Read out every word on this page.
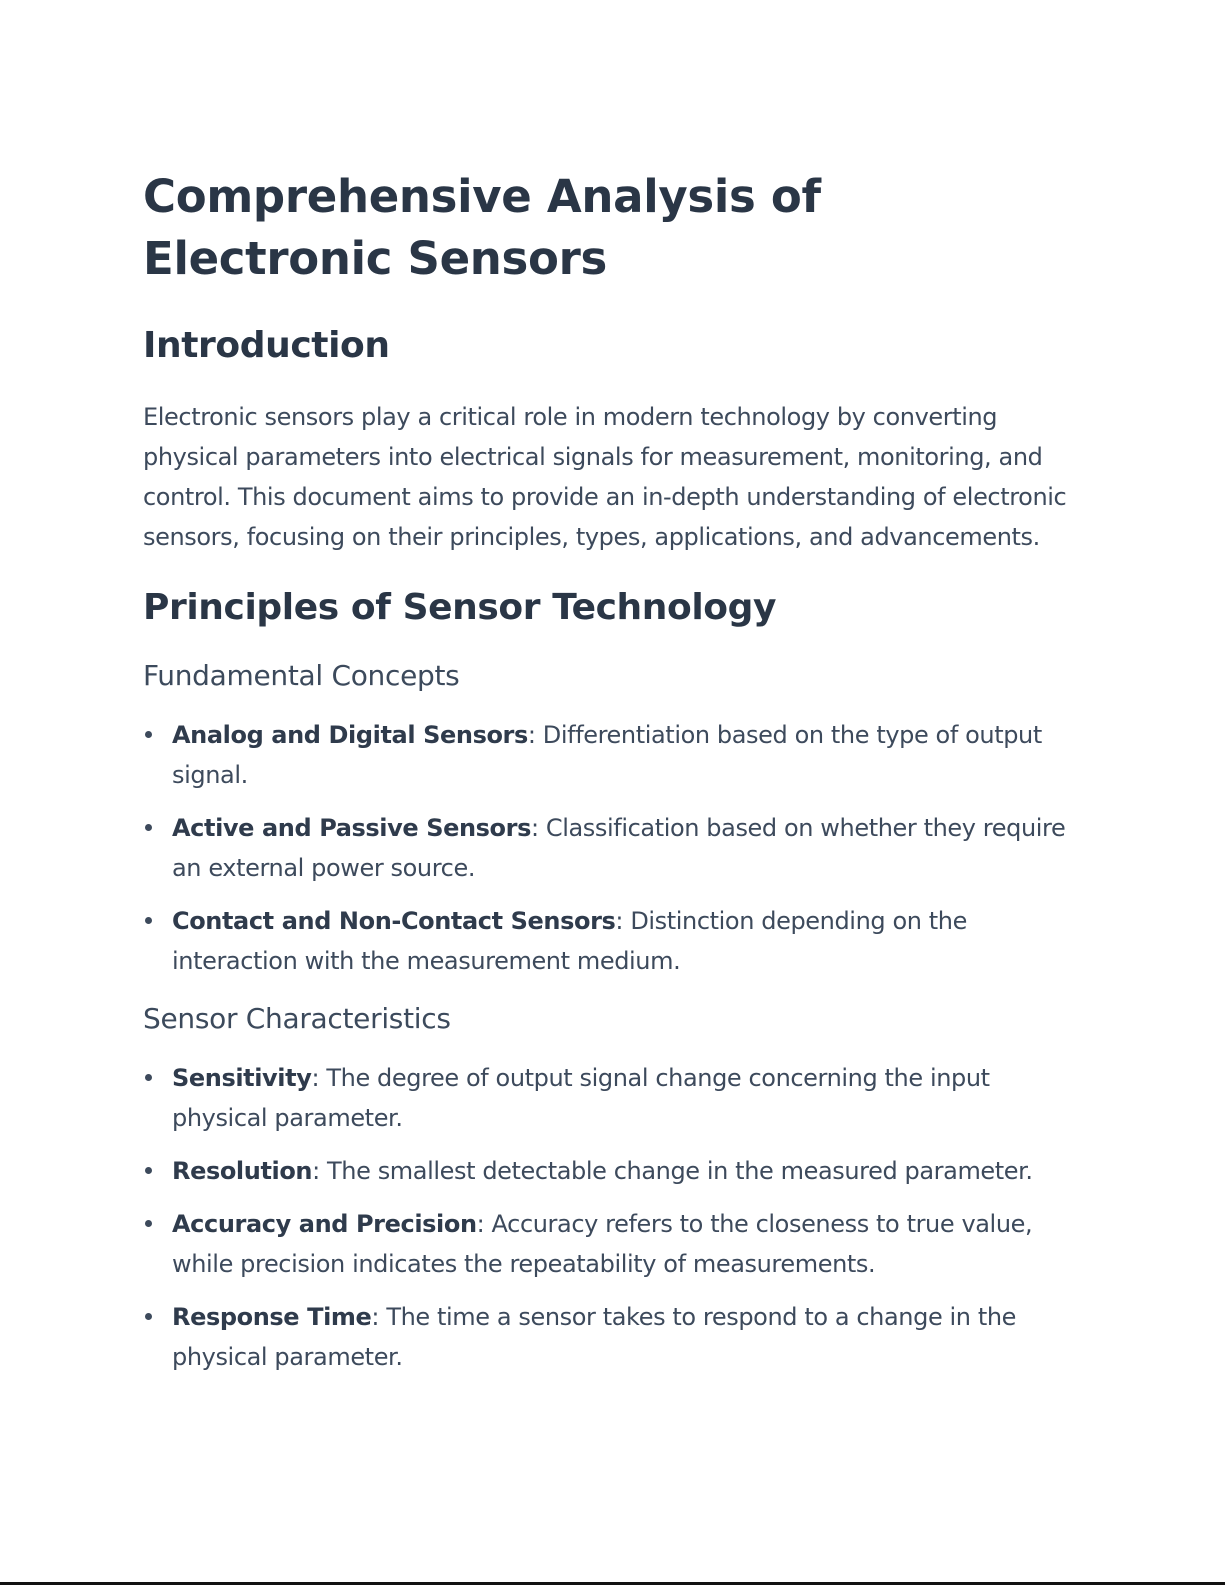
Comprehensive Analysis of Electronic Sensors
Introduction

Electronic sensors play a critical role in modern technology by converting physical parameters into electrical signals for measurement, monitoring, and control. This document aims to provide an in-depth understanding of electronic sensors, focusing on their principles, types, applications, and advancements.

Principles of Sensor Technology
Fundamental Concepts
Analog and Digital Sensors: Differentiation based on the type of output signal.
Active and Passive Sensors: Classification based on whether they require an external power source.
Contact and Non-Contact Sensors: Distinction depending on the interaction with the measurement medium.
Sensor Characteristics
Sensitivity: The degree of output signal change concerning the input physical parameter.
Resolution: The smallest detectable change in the measured parameter.
Accuracy and Precision: Accuracy refers to the closeness to true value, while precision indicates the repeatability of measurements.
Response Time: The time a sensor takes to respond to a change in the physical parameter.
